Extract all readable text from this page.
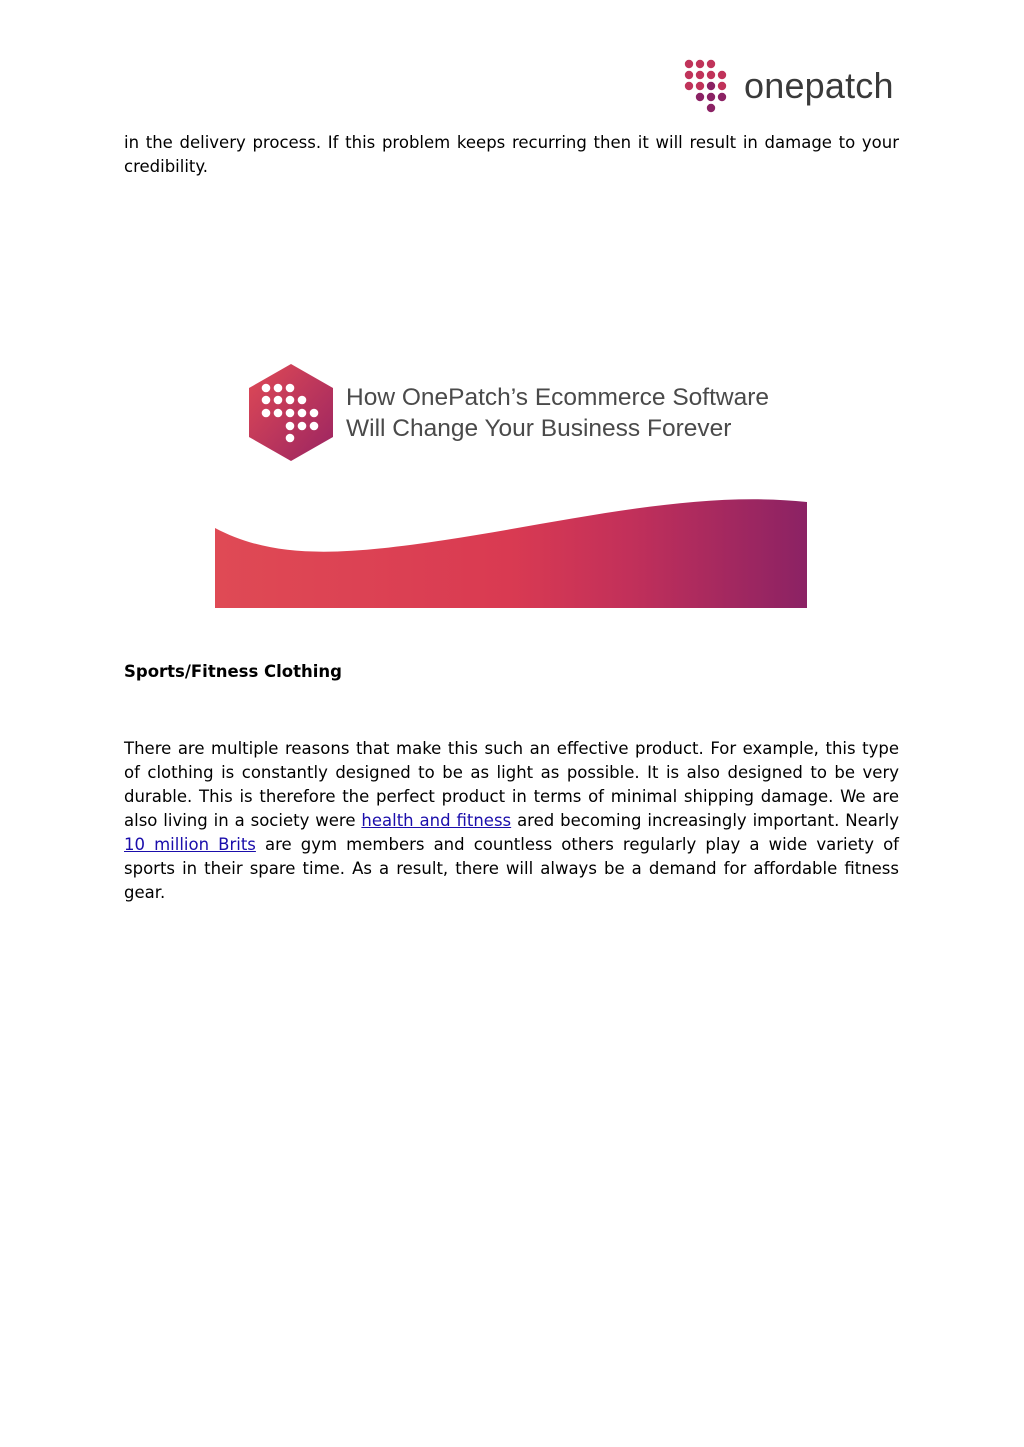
onepatch

in the delivery process. If this problem keeps recurring then it will result in damage to your credibility.

How OnePatch’s Ecommerce Software
Will Change Your Business Forever

Sports/Fitness Clothing

There are multiple reasons that make this such an effective product. For example, this type of clothing is constantly designed to be as light as possible. It is also designed to be very durable. This is therefore the perfect product in terms of minimal shipping damage. We are also living in a society were health and fitness ared becoming increasingly important. Nearly 10 million Brits are gym members and countless others regularly play a wide variety of sports in their spare time. As a result, there will always be a demand for affordable fitness gear.
